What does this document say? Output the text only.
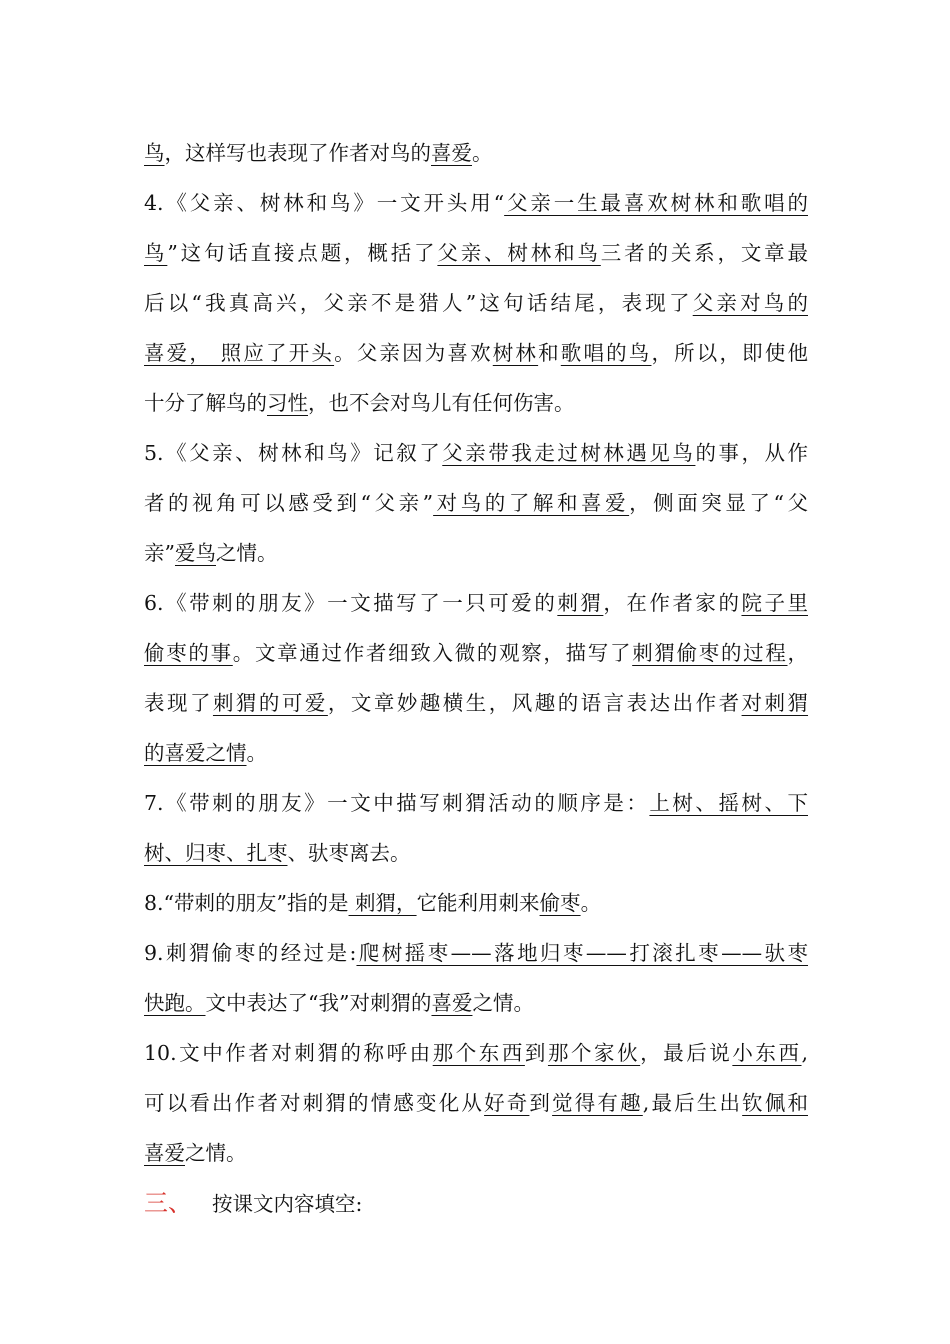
鸟，这样写也表现了作者对鸟的喜爱。
4.《父亲、树林和鸟》一文开头用“父亲一生最喜欢树林和歌唱的
鸟”这句话直接点题，概括了父亲、树林和鸟三者的关系，文章最
后以“我真高兴，父亲不是猎人”这句话结尾，表现了父亲对鸟的
喜爱， 照应了开头。父亲因为喜欢树林和歌唱的鸟，所以，即使他
十分了解鸟的习性，也不会对鸟儿有任何伤害。
5.《父亲、树林和鸟》记叙了父亲带我走过树林遇见鸟的事，从作
者的视角可以感受到“父亲”对鸟的了解和喜爱，侧面突显了“父
亲”爱鸟之情。
6.《带刺的朋友》一文描写了一只可爱的刺猬，在作者家的院子里
偷枣的事。文章通过作者细致入微的观察，描写了刺猬偷枣的过程，
表现了刺猬的可爱，文章妙趣横生，风趣的语言表达出作者对刺猬
的喜爱之情。
7.《带刺的朋友》一文中描写刺猬活动的顺序是：上树、摇树、下
树、归枣、扎枣、驮枣离去。
8.“带刺的朋友”指的是 刺猬，它能利用刺来偷枣。
9.刺猬偷枣的经过是:爬树摇枣——落地归枣——打滚扎枣——驮枣
快跑。文中表达了“我”对刺猬的喜爱之情。
10.文中作者对刺猬的称呼由那个东西到那个家伙，最后说小东西,
可以看出作者对刺猬的情感变化从好奇到觉得有趣,最后生出钦佩和
喜爱之情。
三、 按课文内容填空:
